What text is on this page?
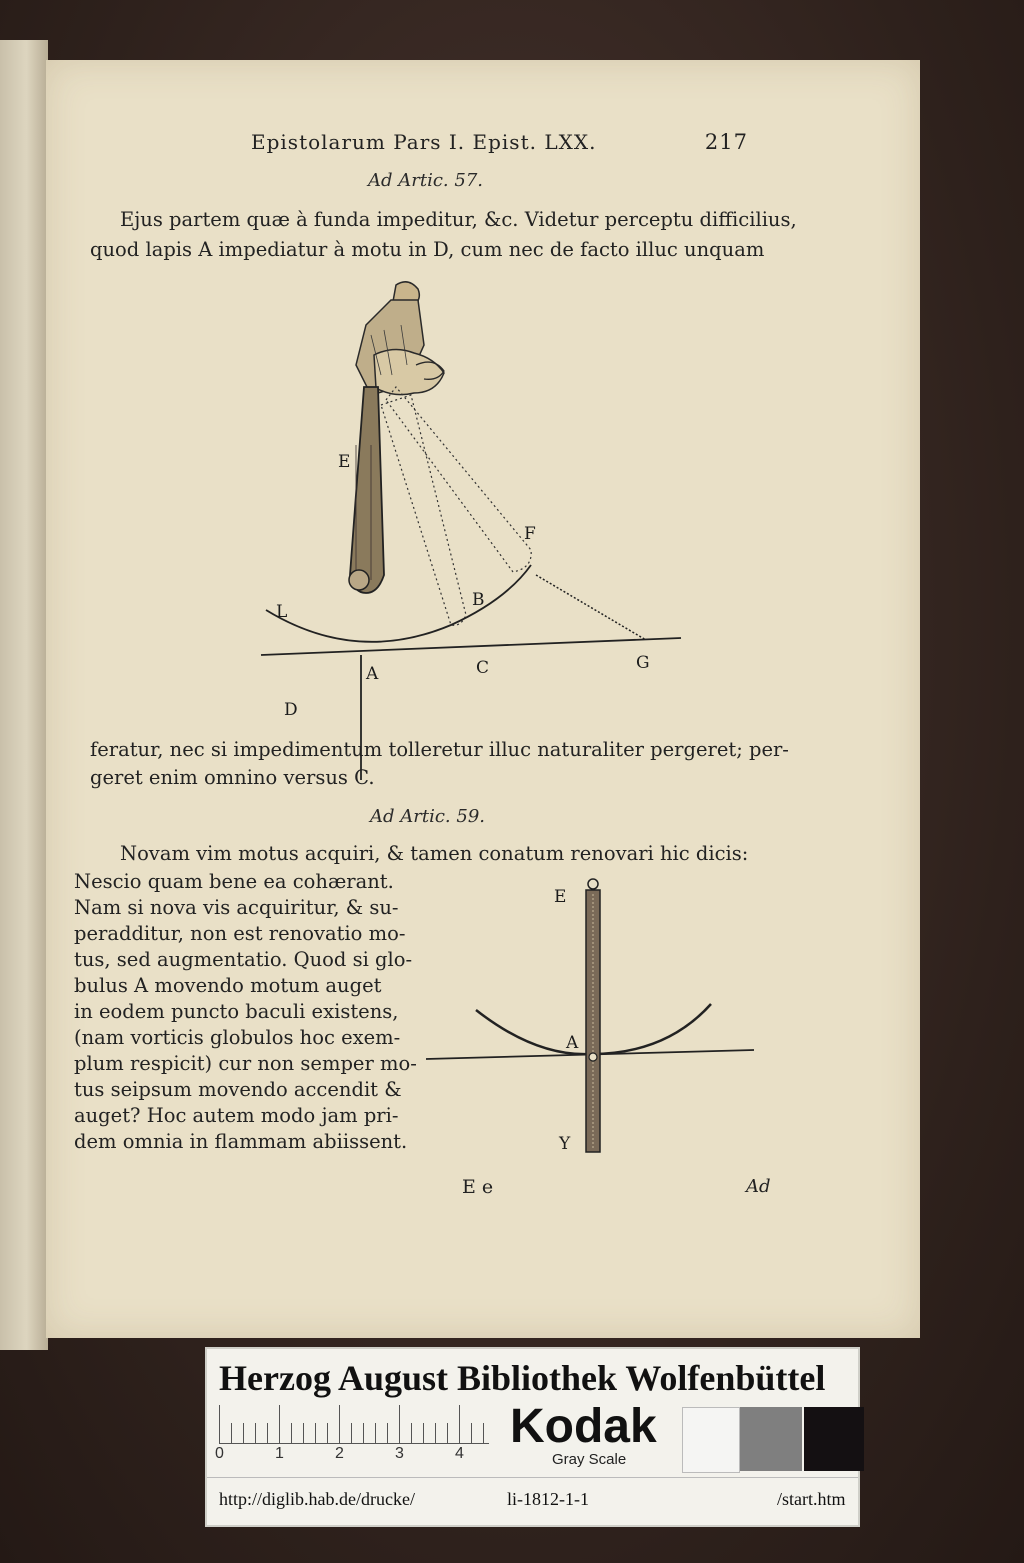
Epistolarum Pars I. Epist. LXX.	217
Ad Artic. 57.
Ejus partem quæ à funda impeditur, &c. Videtur perceptu difficilius,
quod lapis A impediatur à motu in D, cum nec de facto illuc unquam
E
F
L
B
A	C	G
D
feratur, nec si impedimentum tolleretur illuc naturaliter pergeret; per-
geret enim omnino versus C.
Ad Artic. 59.
Novam vim motus acquiri, & tamen conatum renovari hic dicis:
Nescio quam bene ea cohærant.
Nam si nova vis acquiritur, & su-
peradditur, non est renovatio mo-
tus, sed augmentatio. Quod si glo-
bulus A movendo motum auget
in eodem puncto baculi existens,
(nam vorticis globulos hoc exem-
plum respicit) cur non semper mo-
tus seipsum movendo accendit &
auget? Hoc autem modo jam pri-
dem omnia in flammam abiissent.
E
A
Y
E e	Ad
Herzog August Bibliothek Wolfenbüttel
0	1	2	3	4
Kodak
Gray Scale
http://diglib.hab.de/drucke/	li-1812-1-1	/start.htm
